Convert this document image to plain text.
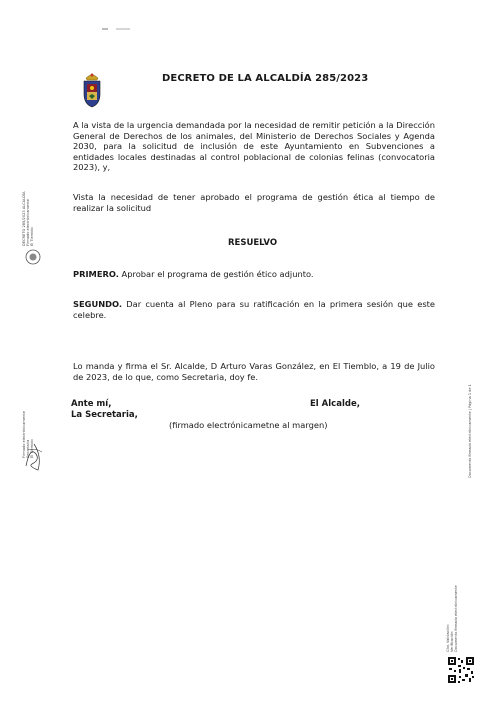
DECRETO DE LA ALCALDÍA 285/2023
A la vista de la urgencia demandada por la necesidad de remitir petición a la Dirección General de Derechos de los animales, del Ministerio de Derechos Sociales y Agenda 2030, para la solicitud de inclusión de este Ayuntamiento en Subvenciones a entidades locales destinadas al control poblacional de colonias felinas (convocatoria 2023), y,
Vista la necesidad de tener aprobado el programa de gestión ética al tiempo de realizar la solicitud
RESUELVO
PRIMERO. Aprobar el programa de gestión ético adjunto.
SEGUNDO. Dar cuenta al Pleno para su ratificación en la primera sesión que este celebre.
Lo manda y firma el Sr. Alcalde, D Arturo Varas González, en El Tiemblo, a 19 de Julio de 2023, de lo que, como Secretaria, doy fe.
Ante mí,
La Secretaria,
El Alcalde,
(firmado electrónicametne al margen)
DECRETO 285/2023 ALCALDÍA
Firmado electrónicamente
El Tiemblo
Firmado electrónicamente
Secretaria
El Tiemblo
Cód. Validación:
Verificación:
Documento firmado electrónicamente
Documento firmado electrónicamente | Página 1 de 1
